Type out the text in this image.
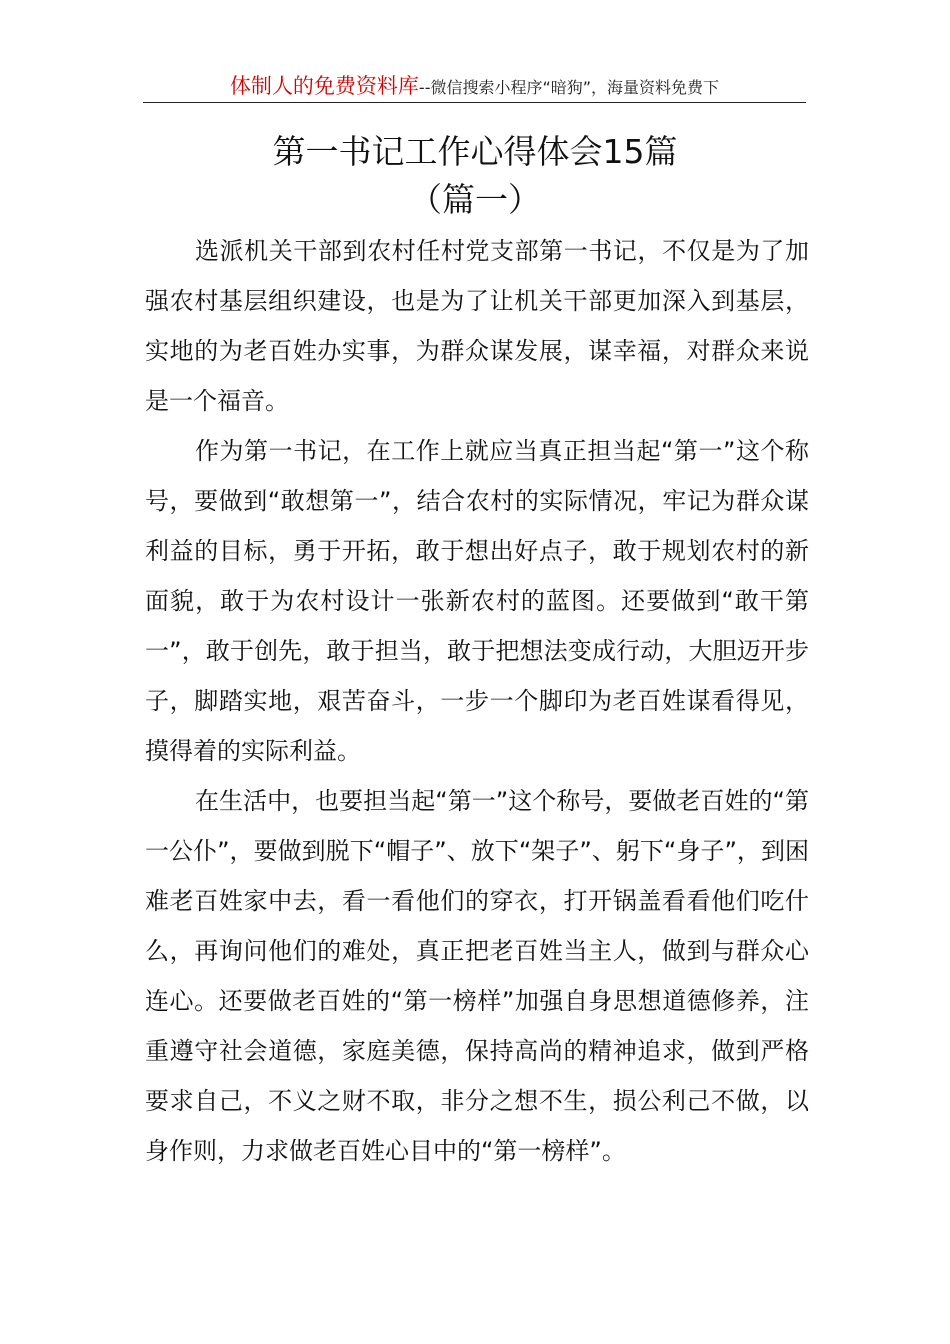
体制人的免费资料库--微信搜索小程序“暗狗”，海量资料免费下
第一书记工作心得体会15篇
（篇一）

选派机关干部到农村任村党支部第一书记，不仅是为了加强农村基层组织建设，也是为了让机关干部更加深入到基层，实地的为老百姓办实事，为群众谋发展，谋幸福，对群众来说是一个福音。

作为第一书记，在工作上就应当真正担当起“第一”这个称号，要做到“敢想第一”，结合农村的实际情况，牢记为群众谋利益的目标，勇于开拓，敢于想出好点子，敢于规划农村的新面貌，敢于为农村设计一张新农村的蓝图。还要做到“敢干第一”，敢于创先，敢于担当，敢于把想法变成行动，大胆迈开步子，脚踏实地，艰苦奋斗，一步一个脚印为老百姓谋看得见，摸得着的实际利益。

在生活中，也要担当起“第一”这个称号，要做老百姓的“第一公仆”，要做到脱下“帽子”、放下“架子”、躬下“身子”，到困难老百姓家中去，看一看他们的穿衣，打开锅盖看看他们吃什么，再询问他们的难处，真正把老百姓当主人，做到与群众心连心。还要做老百姓的“第一榜样”加强自身思想道德修养，注重遵守社会道德，家庭美德，保持高尚的精神追求，做到严格要求自己，不义之财不取，非分之想不生，损公利己不做，以身作则，力求做老百姓心目中的“第一榜样”。
